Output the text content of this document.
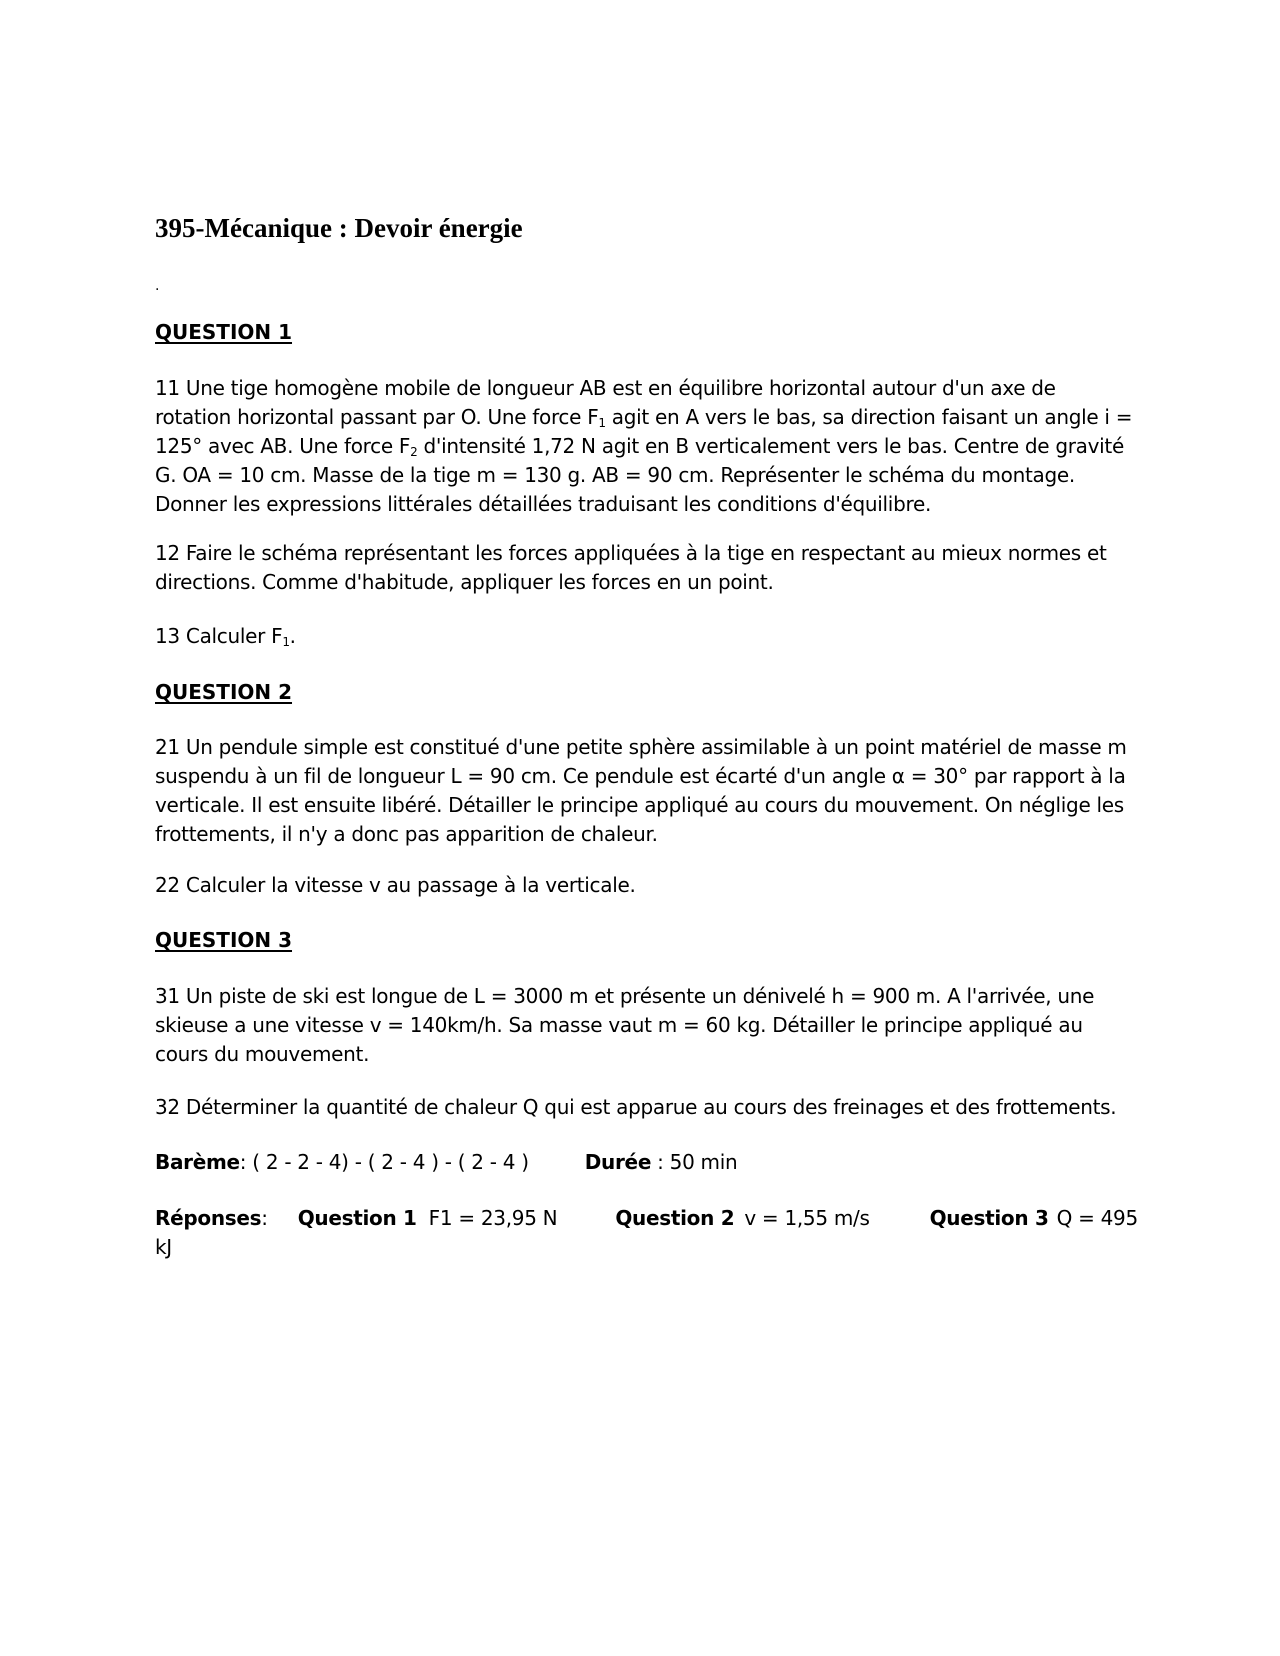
395-Mécanique : Devoir énergie
.
QUESTION 1

11 Une tige homogène mobile de longueur AB est en équilibre horizontal autour d'un axe de rotation horizontal passant par O. Une force $F_1$ agit en A vers le bas, sa direction faisant un angle i = 125° avec AB. Une force $F_2$ d'intensité 1,72 N agit en B verticalement vers le bas. Centre de gravité G. OA = 10 cm. Masse de la tige m = 130 g. AB = 90 cm. Représenter le schéma du montage. Donner les expressions littérales détaillées traduisant les conditions d'équilibre.

12 Faire le schéma représentant les forces appliquées à la tige en respectant au mieux normes et directions. Comme d'habitude, appliquer les forces en un point.

13 Calculer $F_1$.

QUESTION 2

21 Un pendule simple est constitué d'une petite sphère assimilable à un point matériel de masse m suspendu à un fil de longueur L = 90 cm. Ce pendule est écarté d'un angle α = 30° par rapport à la verticale. Il est ensuite libéré. Détailler le principe appliqué au cours du mouvement. On néglige les frottements, il n'y a donc pas apparition de chaleur.

22 Calculer la vitesse v au passage à la verticale.

QUESTION 3

31 Un piste de ski est longue de L = 3000 m et présente un dénivelé h = 900 m. A l'arrivée, une skieuse a une vitesse v = 140km/h. Sa masse vaut m = 60 kg. Détailler le principe appliqué au cours du mouvement.

32 Déterminer la quantité de chaleur Q qui est apparue au cours des freinages et des frottements.

Barème: ( 2 - 2 - 4) - ( 2 - 4 ) - ( 2 - 4 )	Durée : 50 min
Réponses: Question 1 F1 = 23,95 N	Question 2 v = 1,55 m/s	Question 3 Q = 495
kJ
